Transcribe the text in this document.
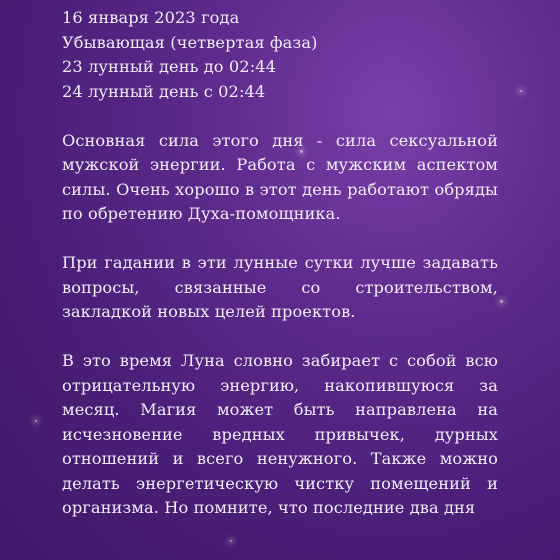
16 января 2023 года
Убывающая (четвертая фаза)
23 лунный день до 02:44
24 лунный день с 02:44

Основная сила этого дня - сила сексуальной мужской энергии. Работа с мужским аспектом силы. Очень хорошо в этот день работают обряды по обретению Духа-помощника.

При гадании в эти лунные сутки лучше задавать вопросы, связанные со строительством, закладкой новых целей проектов.

В это время Луна словно забирает с собой всю отрицательную энергию, накопившуюся за месяц. Магия может быть направлена на исчезновение вредных привычек, дурных отношений и всего ненужного. Также можно делать энергетическую чистку помещений и организма. Но помните, что последние два дня
